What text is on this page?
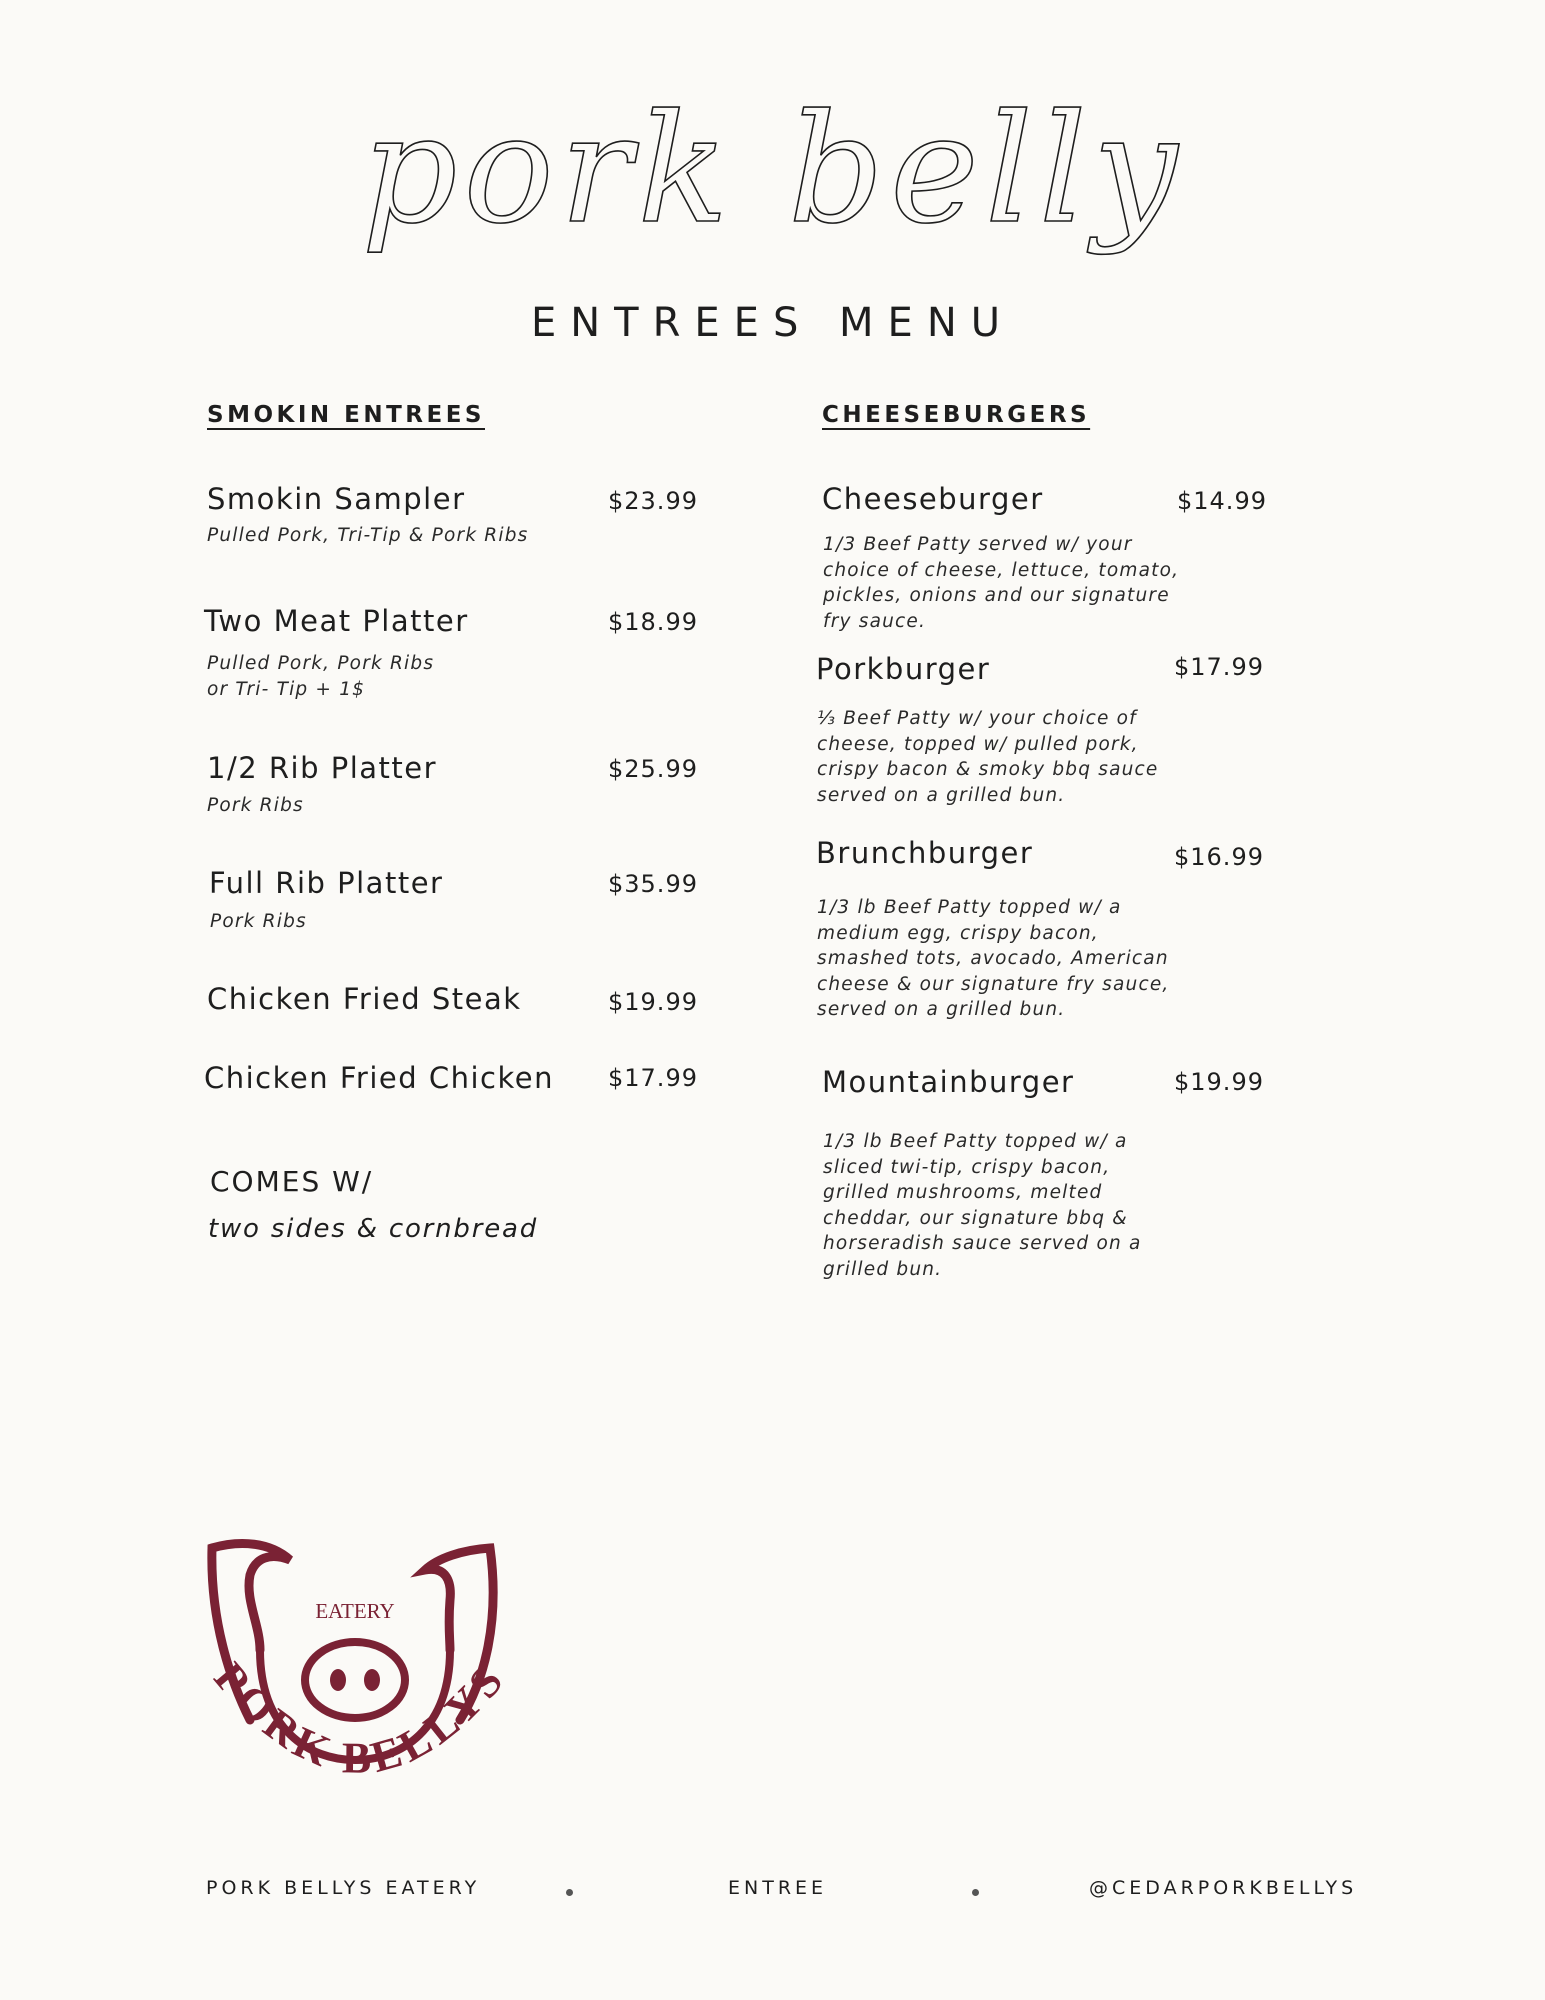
pork belly
ENTREES MENU
SMOKIN ENTREES
Smokin Sampler	$23.99
Pulled Pork, Tri-Tip & Pork Ribs
Two Meat Platter	$18.99
Pulled Pork, Pork Ribs
or Tri- Tip + 1$
1/2 Rib Platter	$25.99
Pork Ribs
Full Rib Platter	$35.99
Pork Ribs
Chicken Fried Steak	$19.99
Chicken Fried Chicken $17.99
COMES W/
two sides & cornbread
CHEESEBURGERS
Cheeseburger	$14.99
1/3 Beef Patty served w/ your
choice of cheese, lettuce, tomato,
pickles, onions and our signature
fry sauce.
Porkburger	$17.99
⅓ Beef Patty w/ your choice of
cheese, topped w/ pulled pork,
crispy bacon & smoky bbq sauce
served on a grilled bun.
Brunchburger	$16.99
1/3 lb Beef Patty topped w/ a
medium egg, crispy bacon,
smashed tots, avocado, American
cheese & our signature fry sauce,
served on a grilled bun.
Mountainburger	$19.99
1/3 lb Beef Patty topped w/ a
sliced twi-tip, crispy bacon,
grilled mushrooms, melted
cheddar, our signature bbq &
horseradish sauce served on a
grilled bun.
EATERY
PORK BELLYS
PORK BELLYS EATERY	ENTREE	@CEDARPORKBELLYS
